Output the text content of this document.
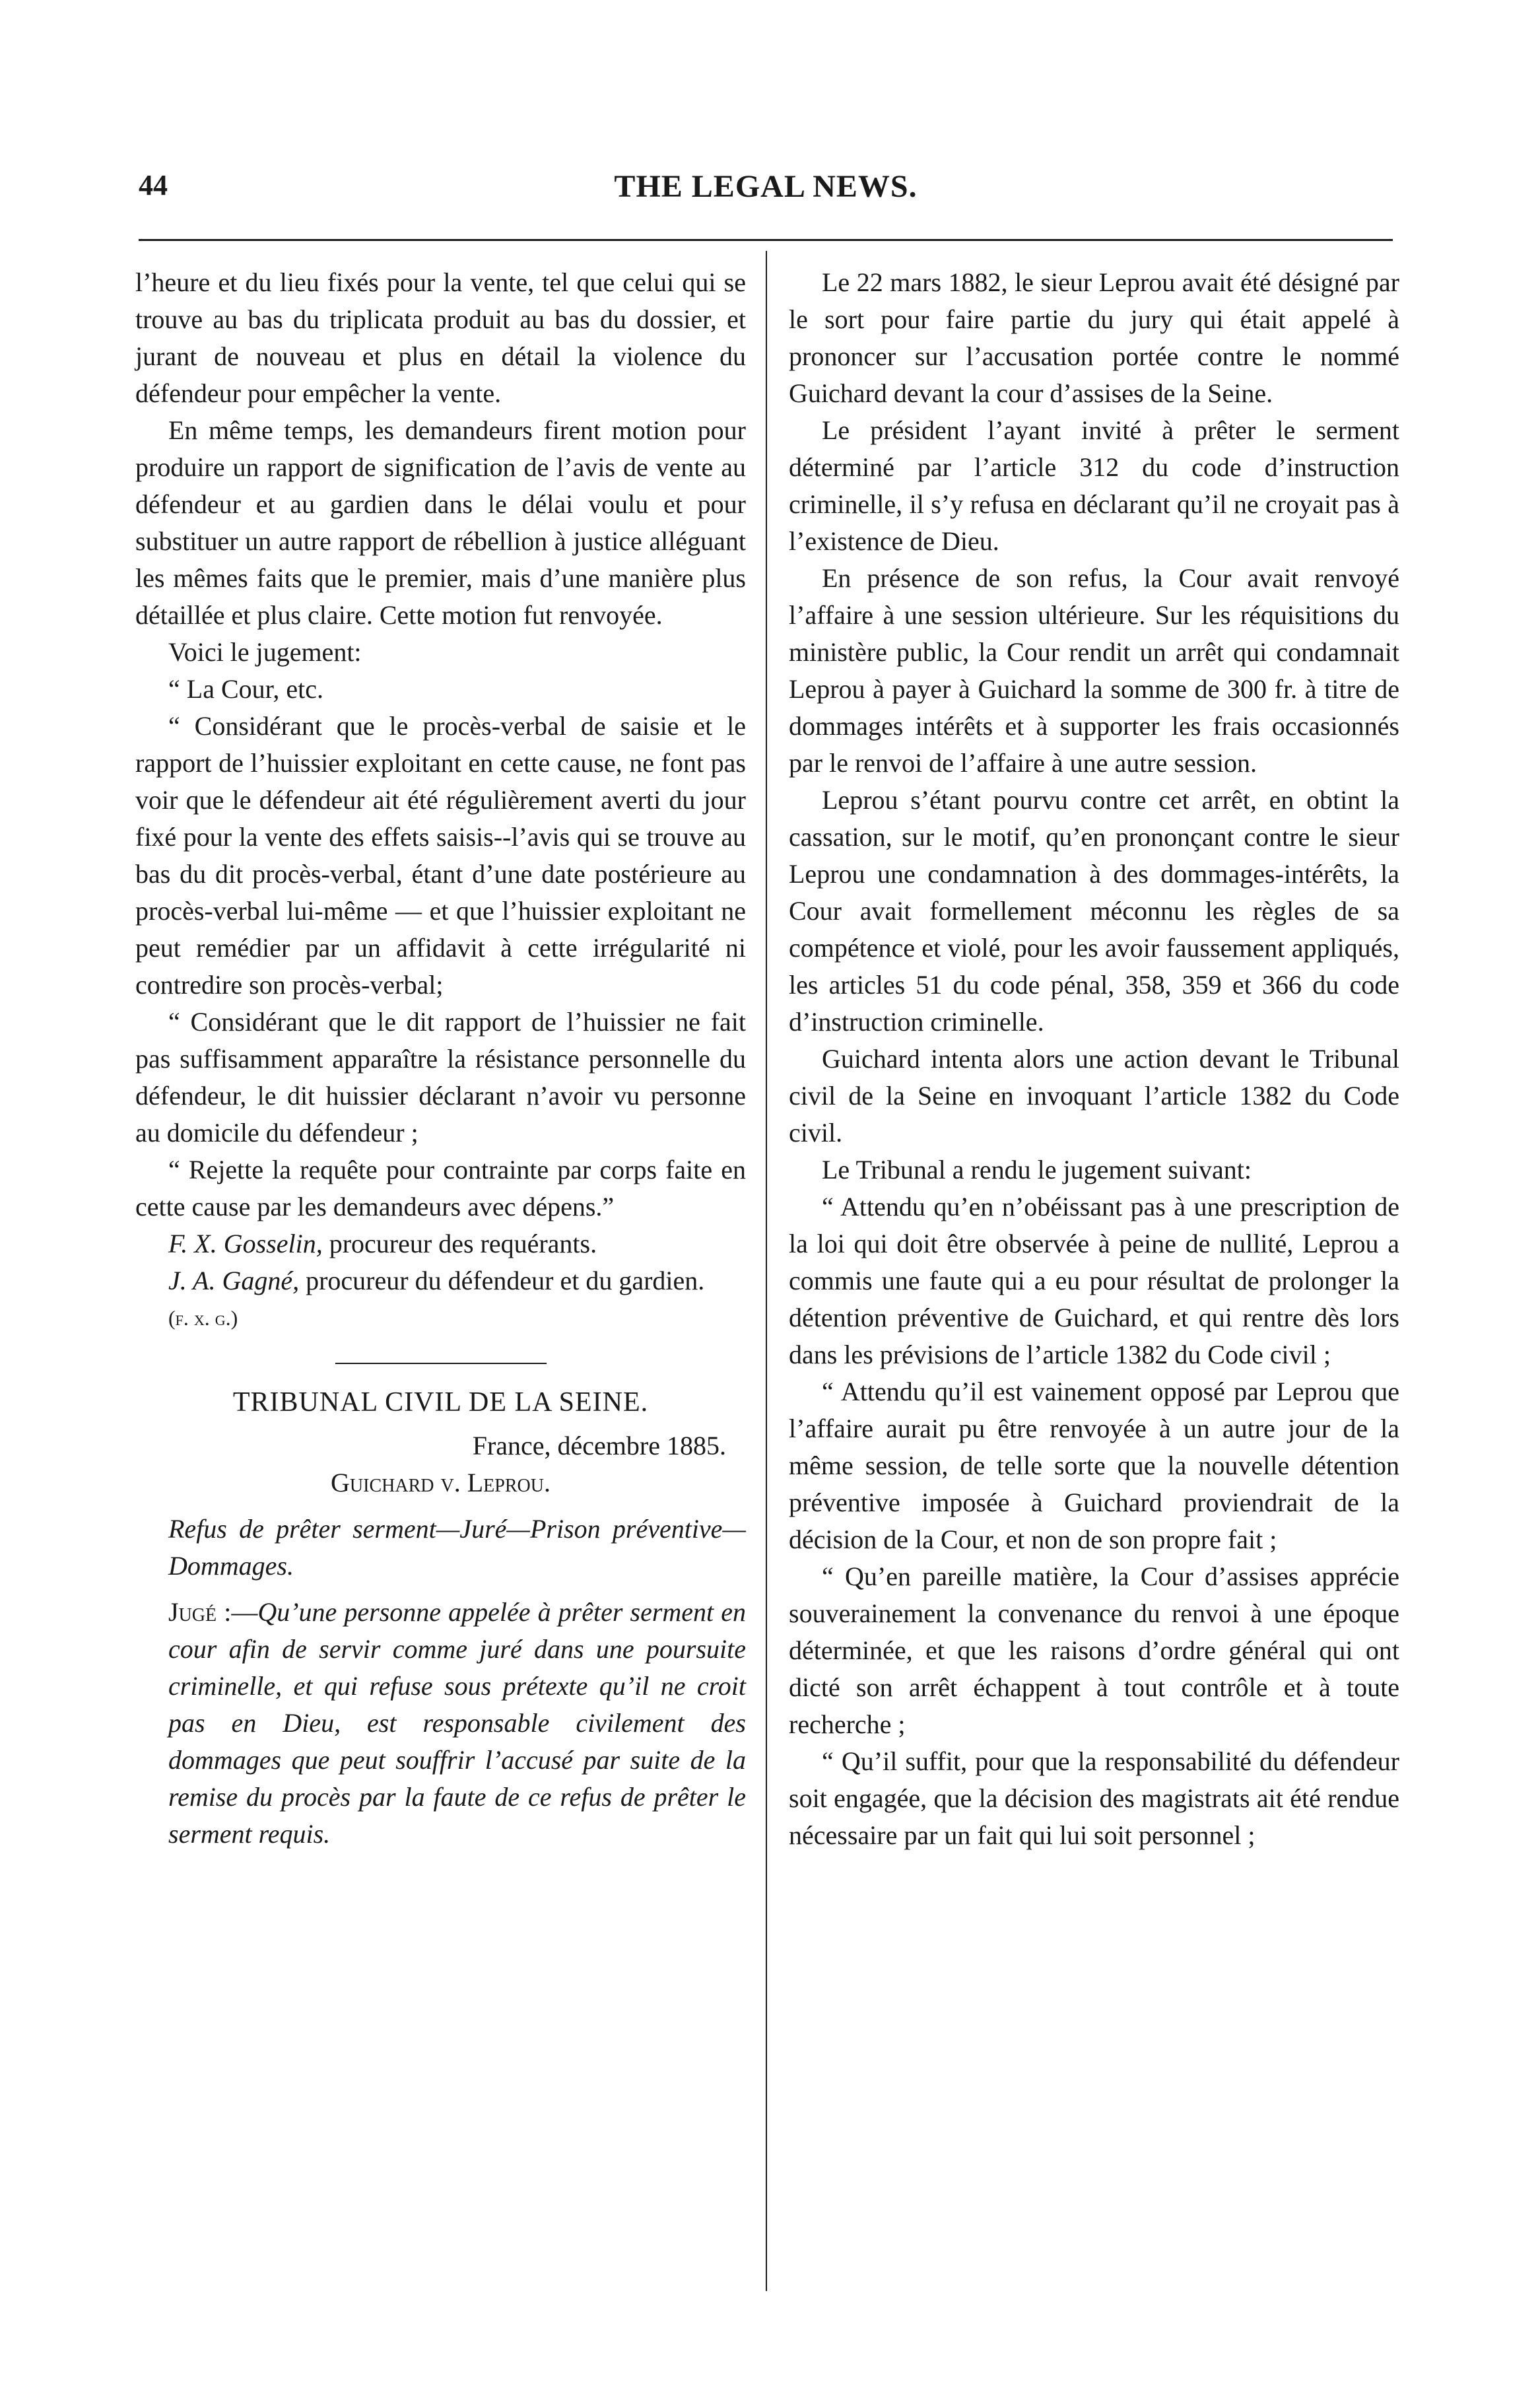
44	THE LEGAL NEWS.

l’heure et du lieu fixés pour la vente, tel que celui qui se trouve au bas du triplicata produit au bas du dossier, et jurant de nouveau et plus en détail la violence du défendeur pour empêcher la vente.

En même temps, les demandeurs firent motion pour produire un rapport de signification de l’avis de vente au défendeur et au gardien dans le délai voulu et pour substituer un autre rapport de rébellion à justice alléguant les mêmes faits que le premier, mais d’une manière plus détaillée et plus claire. Cette motion fut renvoyée.

Voici le jugement:

“ La Cour, etc.

“ Considérant que le procès-verbal de saisie et le rapport de l’huissier exploitant en cette cause, ne font pas voir que le défendeur ait été régulièrement averti du jour fixé pour la vente des effets saisis--l’avis qui se trouve au bas du dit procès-verbal, étant d’une date postérieure au procès-verbal lui-même — et que l’huissier exploitant ne peut remédier par un affidavit à cette irrégularité ni contredire son procès-verbal;

“ Considérant que le dit rapport de l’huissier ne fait pas suffisamment apparaître la résistance personnelle du défendeur, le dit huissier déclarant n’avoir vu personne au domicile du défendeur ;

“ Rejette la requête pour contrainte par corps faite en cette cause par les demandeurs avec dépens.”

F. X. Gosselin, procureur des requérants.

J. A. Gagné, procureur du défendeur et du gardien.

(f. x. g.)

TRIBUNAL CIVIL DE LA SEINE.

France, décembre 1885.

Guichard v. Leprou.

Refus de prêter serment—Juré—Prison préventive—Dommages.

Jugé :—Qu’une personne appelée à prêter serment en cour afin de servir comme juré dans une poursuite criminelle, et qui refuse sous prétexte qu’il ne croit pas en Dieu, est responsable civilement des dommages que peut souffrir l’accusé par suite de la remise du procès par la faute de ce refus de prêter le serment requis.

Le 22 mars 1882, le sieur Leprou avait été désigné par le sort pour faire partie du jury qui était appelé à prononcer sur l’accusation portée contre le nommé Guichard devant la cour d’assises de la Seine.

Le président l’ayant invité à prêter le serment déterminé par l’article 312 du code d’instruction criminelle, il s’y refusa en déclarant qu’il ne croyait pas à l’existence de Dieu.

En présence de son refus, la Cour avait renvoyé l’affaire à une session ultérieure. Sur les réquisitions du ministère public, la Cour rendit un arrêt qui condamnait Leprou à payer à Guichard la somme de 300 fr. à titre de dommages intérêts et à supporter les frais occasionnés par le renvoi de l’affaire à une autre session.

Leprou s’étant pourvu contre cet arrêt, en obtint la cassation, sur le motif, qu’en prononçant contre le sieur Leprou une condamnation à des dommages-intérêts, la Cour avait formellement méconnu les règles de sa compétence et violé, pour les avoir faussement appliqués, les articles 51 du code pénal, 358, 359 et 366 du code d’instruction criminelle.

Guichard intenta alors une action devant le Tribunal civil de la Seine en invoquant l’article 1382 du Code civil.

Le Tribunal a rendu le jugement suivant:

“ Attendu qu’en n’obéissant pas à une prescription de la loi qui doit être observée à peine de nullité, Leprou a commis une faute qui a eu pour résultat de prolonger la détention préventive de Guichard, et qui rentre dès lors dans les prévisions de l’article 1382 du Code civil ;

“ Attendu qu’il est vainement opposé par Leprou que l’affaire aurait pu être renvoyée à un autre jour de la même session, de telle sorte que la nouvelle détention préventive imposée à Guichard proviendrait de la décision de la Cour, et non de son propre fait ;

“ Qu’en pareille matière, la Cour d’assises apprécie souverainement la convenance du renvoi à une époque déterminée, et que les raisons d’ordre général qui ont dicté son arrêt échappent à tout contrôle et à toute recherche ;

“ Qu’il suffit, pour que la responsabilité du défendeur soit engagée, que la décision des magistrats ait été rendue nécessaire par un fait qui lui soit personnel ;
